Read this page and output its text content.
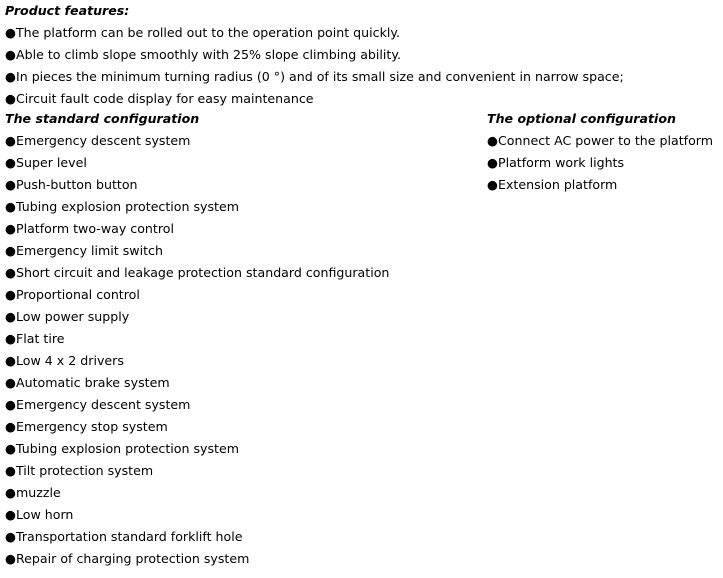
Product features:
●The platform can be rolled out to the operation point quickly.
●Able to climb slope smoothly with 25% slope climbing ability.
●In pieces the minimum turning radius (0 °) and of its small size and convenient in narrow space;
●Circuit fault code display for easy maintenance
The standard configuration
●Emergency descent system
●Super level
●Push-button button
●Tubing explosion protection system
●Platform two-way control
●Emergency limit switch
●Short circuit and leakage protection standard configuration
●Proportional control
●Low power supply
●Flat tire
●Low 4 x 2 drivers
●Automatic brake system
●Emergency descent system
●Emergency stop system
●Tubing explosion protection system
●Tilt protection system
●muzzle
●Low horn
●Transportation standard forklift hole
●Repair of charging protection system
The optional configuration
●Connect AC power to the platform
●Platform work lights
●Extension platform
